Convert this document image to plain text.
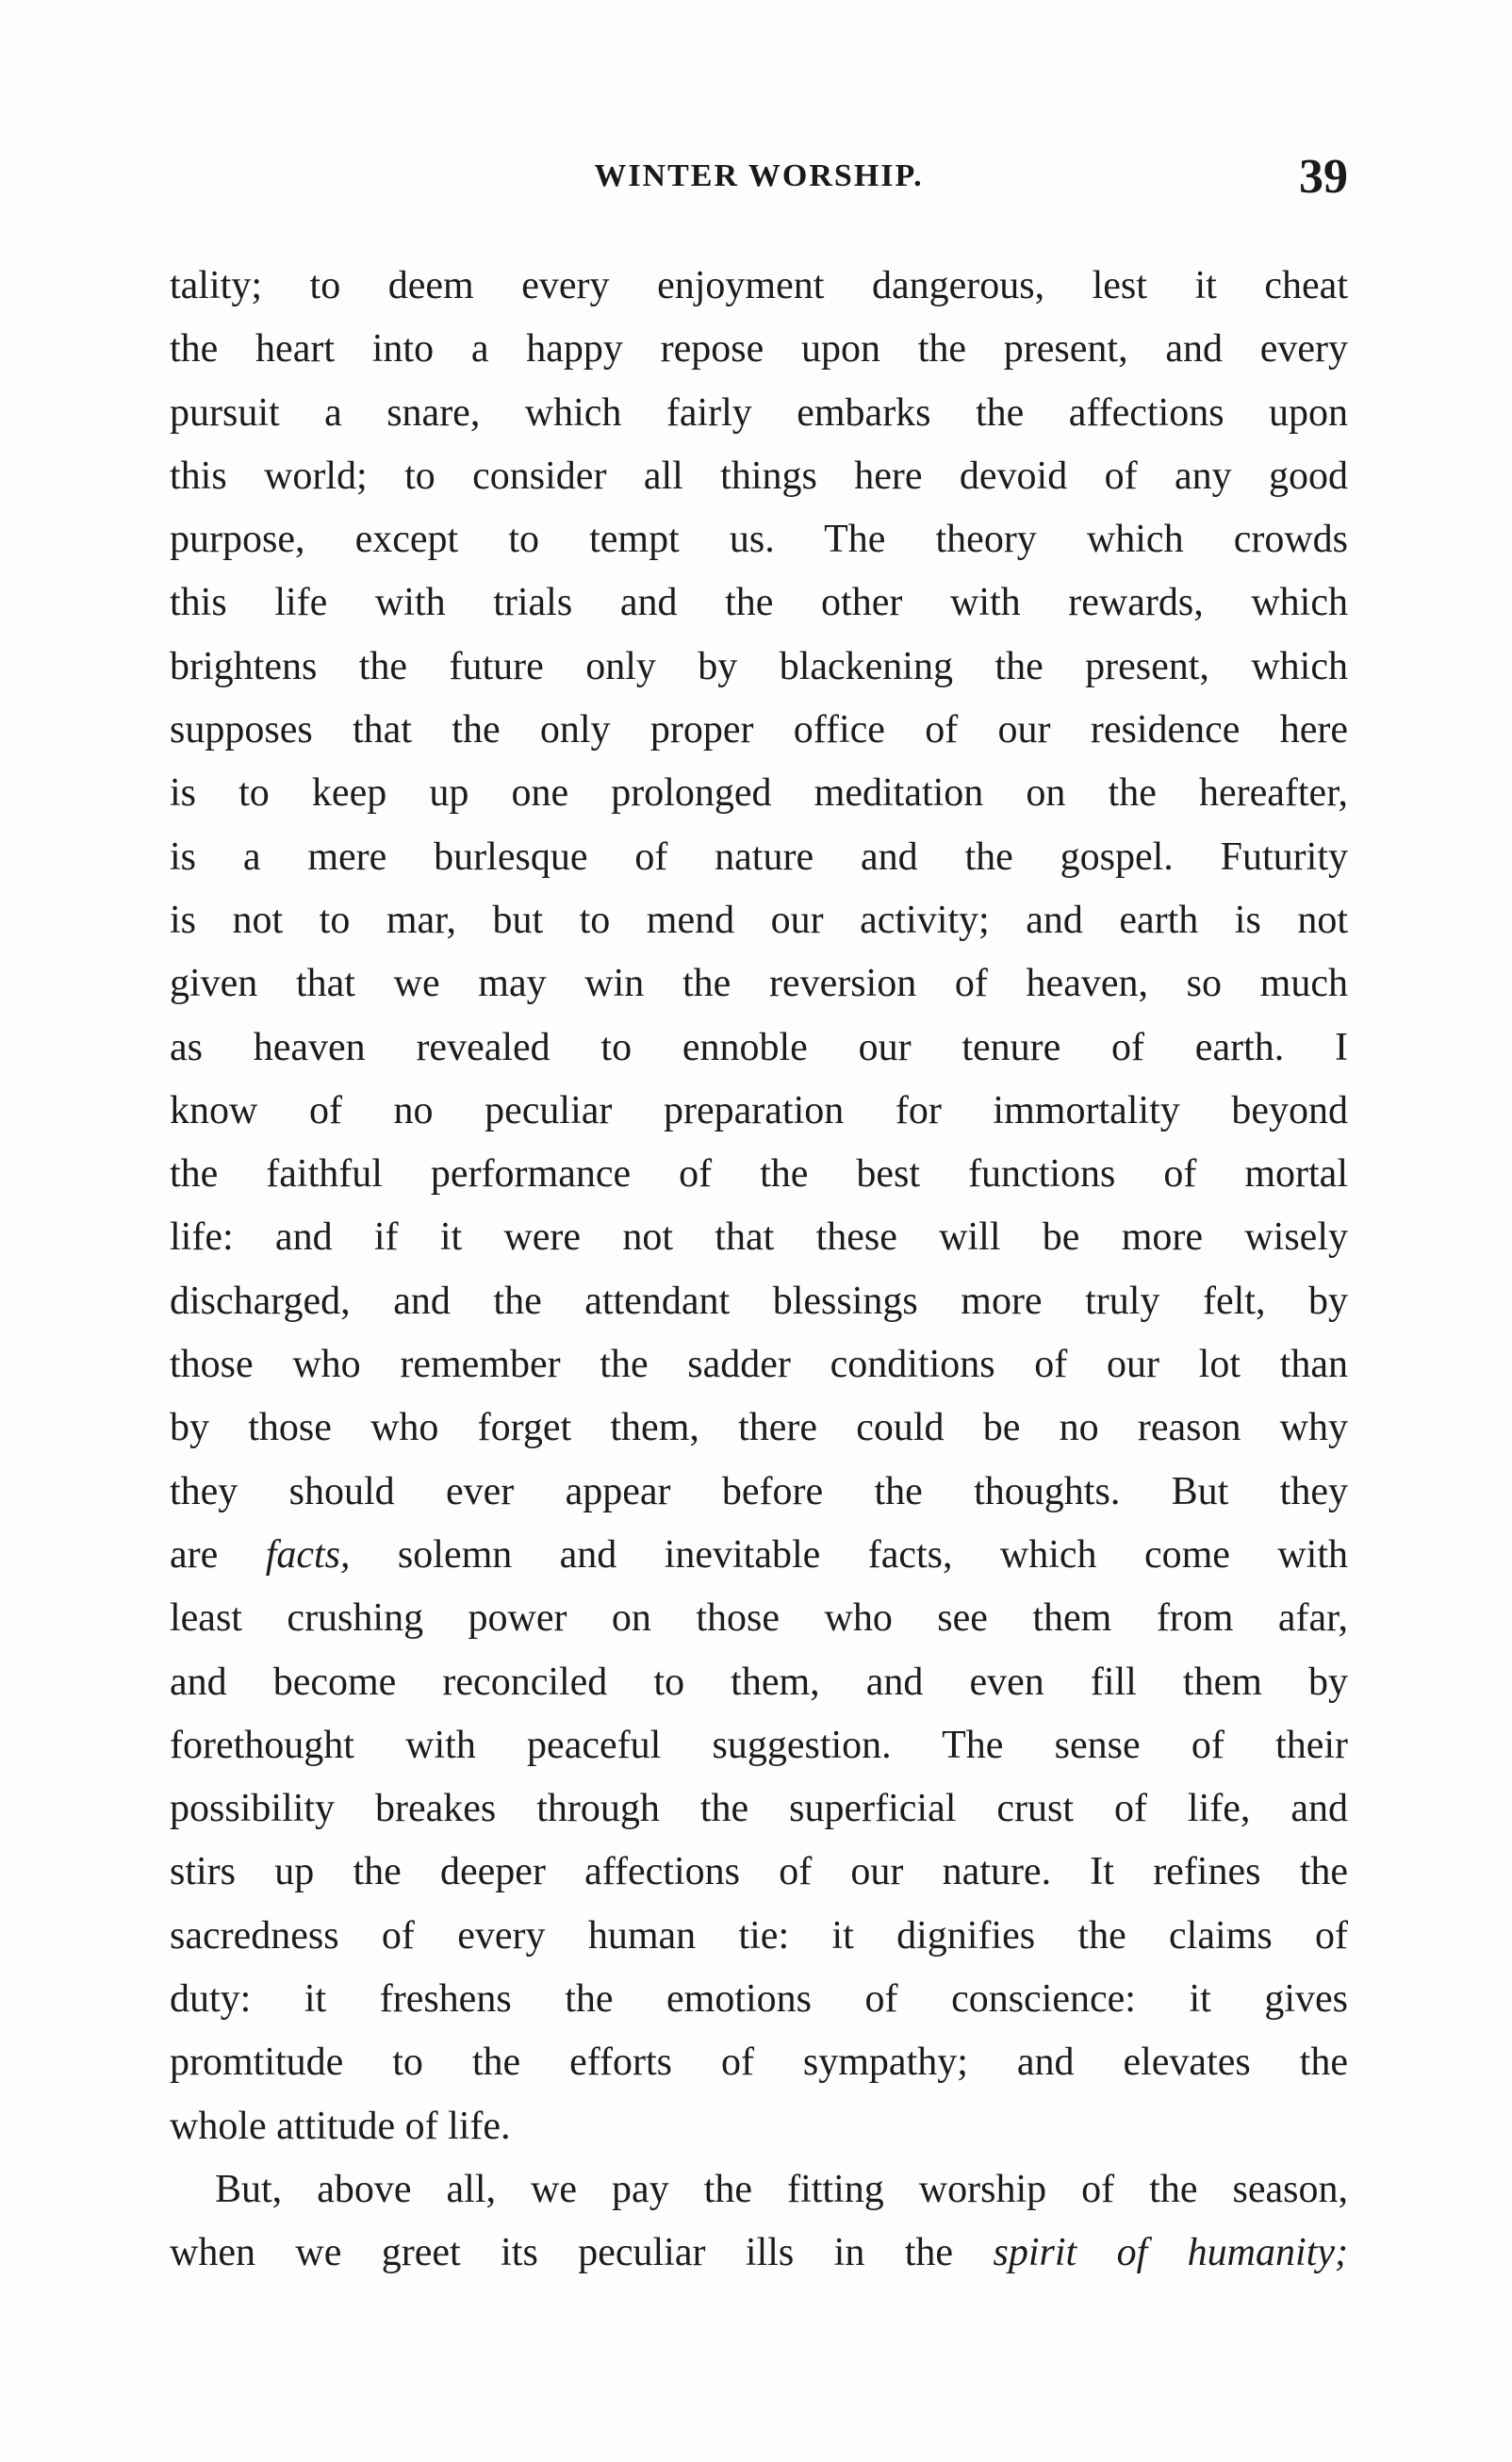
WINTER WORSHIP.	39
tality; to deem every enjoyment dangerous, lest it cheat
the heart into a happy repose upon the present, and every
pursuit a snare, which fairly embarks the affections upon
this world; to consider all things here devoid of any good
purpose, except to tempt us. The theory which crowds
this life with trials and the other with rewards, which
brightens the future only by blackening the present, which
supposes that the only proper office of our residence here
is to keep up one prolonged meditation on the hereafter,
is a mere burlesque of nature and the gospel. Futurity
is not to mar, but to mend our activity; and earth is not
given that we may win the reversion of heaven, so much
as heaven revealed to ennoble our tenure of earth. I
know of no peculiar preparation for immortality beyond
the faithful performance of the best functions of mortal
life: and if it were not that these will be more wisely
discharged, and the attendant blessings more truly felt, by
those who remember the sadder conditions of our lot than
by those who forget them, there could be no reason why
they should ever appear before the thoughts. But they
are facts, solemn and inevitable facts, which come with
least crushing power on those who see them from afar,
and become reconciled to them, and even fill them by
forethought with peaceful suggestion. The sense of their
possibility breakes through the superficial crust of life, and
stirs up the deeper affections of our nature. It refines the
sacredness of every human tie: it dignifies the claims of
duty: it freshens the emotions of conscience: it gives
promtitude to the efforts of sympathy; and elevates the
whole attitude of life.
But, above all, we pay the fitting worship of the season,
when we greet its peculiar ills in the spirit of humanity;
